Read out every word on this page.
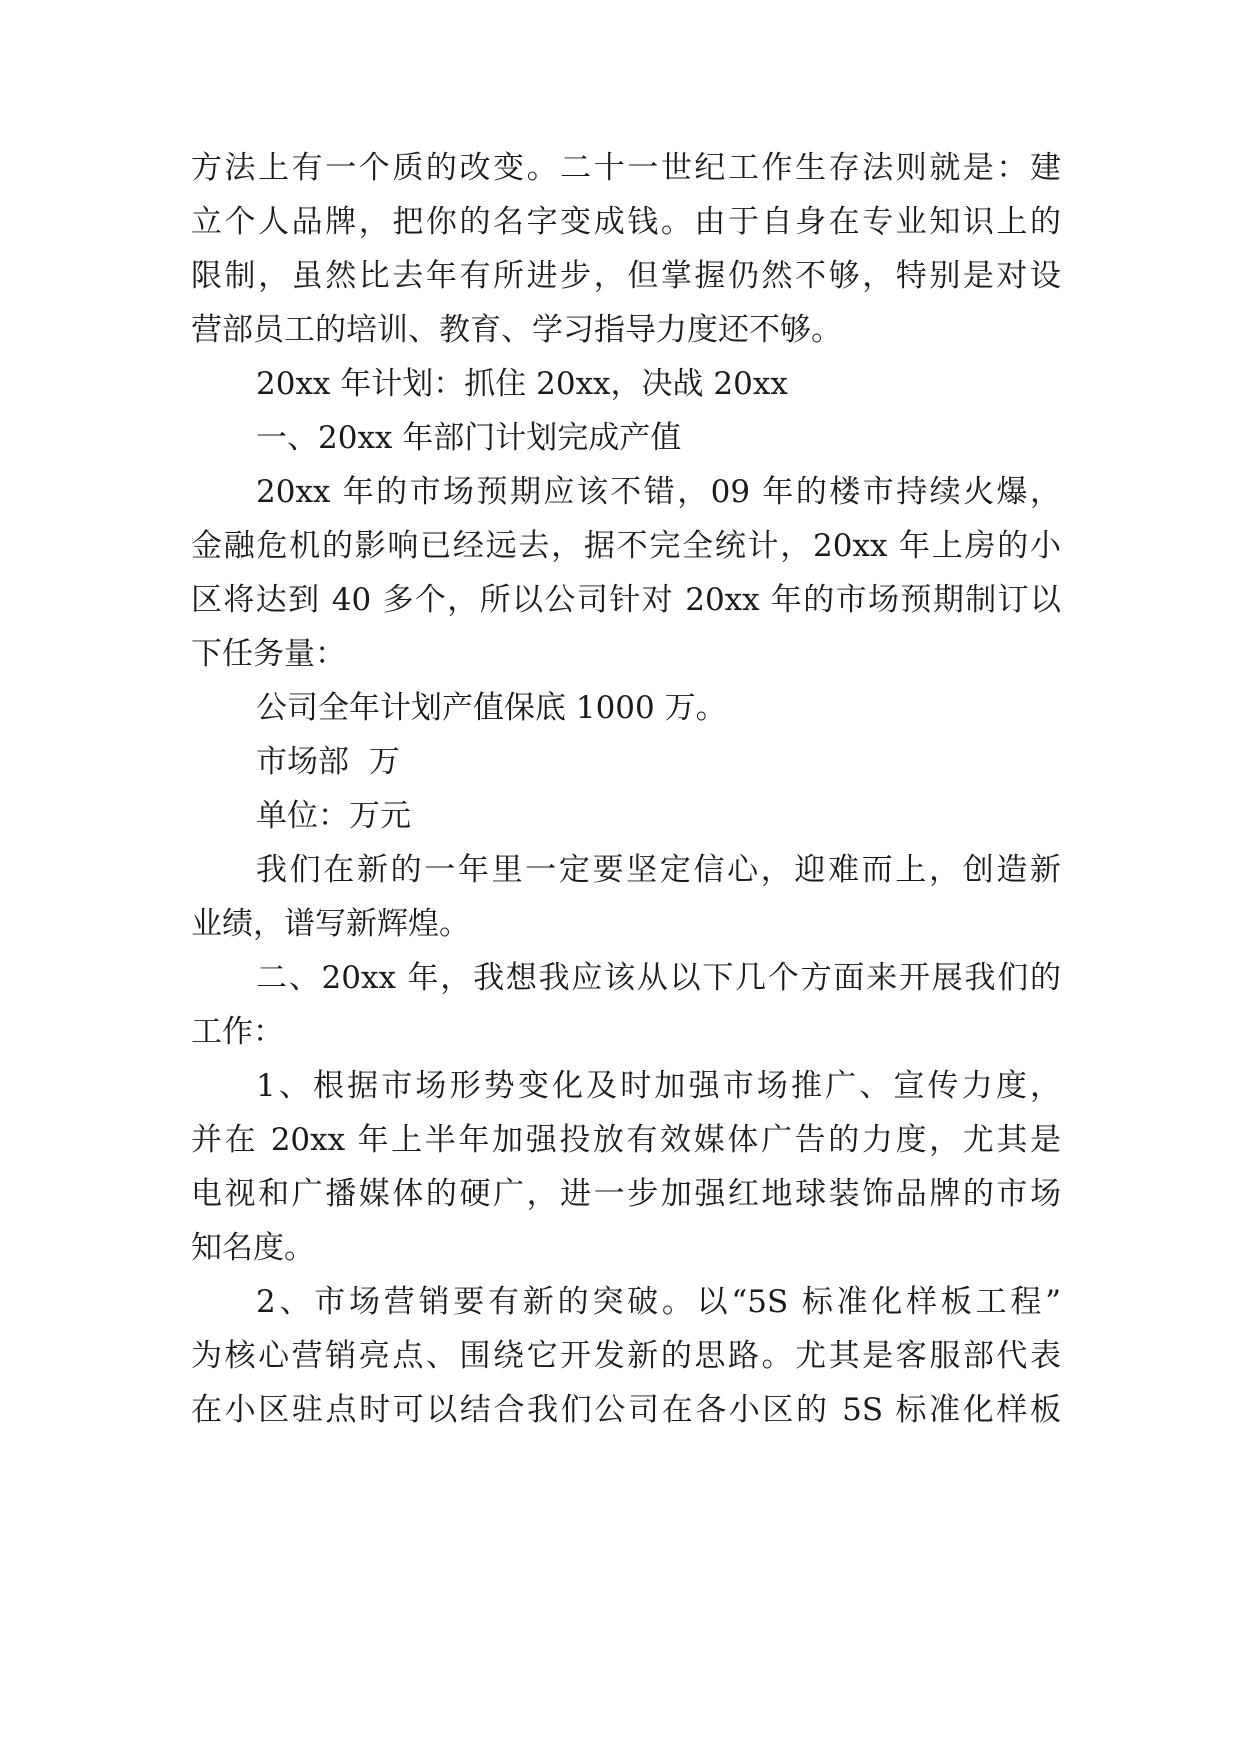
方法上有一个质的改变。二十一世纪工作生存法则就是：建
立个人品牌，把你的名字变成钱。由于自身在专业知识上的
限制，虽然比去年有所进步，但掌握仍然不够，特别是对设
营部员工的培训、教育、学习指导力度还不够。
20xx 年计划：抓住 20xx，决战 20xx
一、20xx 年部门计划完成产值
20xx 年的市场预期应该不错，09 年的楼市持续火爆，
金融危机的影响已经远去，据不完全统计，20xx 年上房的小
区将达到 40 多个，所以公司针对 20xx 年的市场预期制订以
下任务量：
公司全年计划产值保底 1000 万。
市场部  万
单位：万元
我们在新的一年里一定要坚定信心，迎难而上，创造新
业绩，谱写新辉煌。
二、20xx 年，我想我应该从以下几个方面来开展我们的
工作：
1、根据市场形势变化及时加强市场推广、宣传力度，
并在 20xx 年上半年加强投放有效媒体广告的力度，尤其是
电视和广播媒体的硬广，进一步加强红地球装饰品牌的市场
知名度。
2、市场营销要有新的突破。以“5S 标准化样板工程”
为核心营销亮点、围绕它开发新的思路。尤其是客服部代表
在小区驻点时可以结合我们公司在各小区的 5S 标准化样板
